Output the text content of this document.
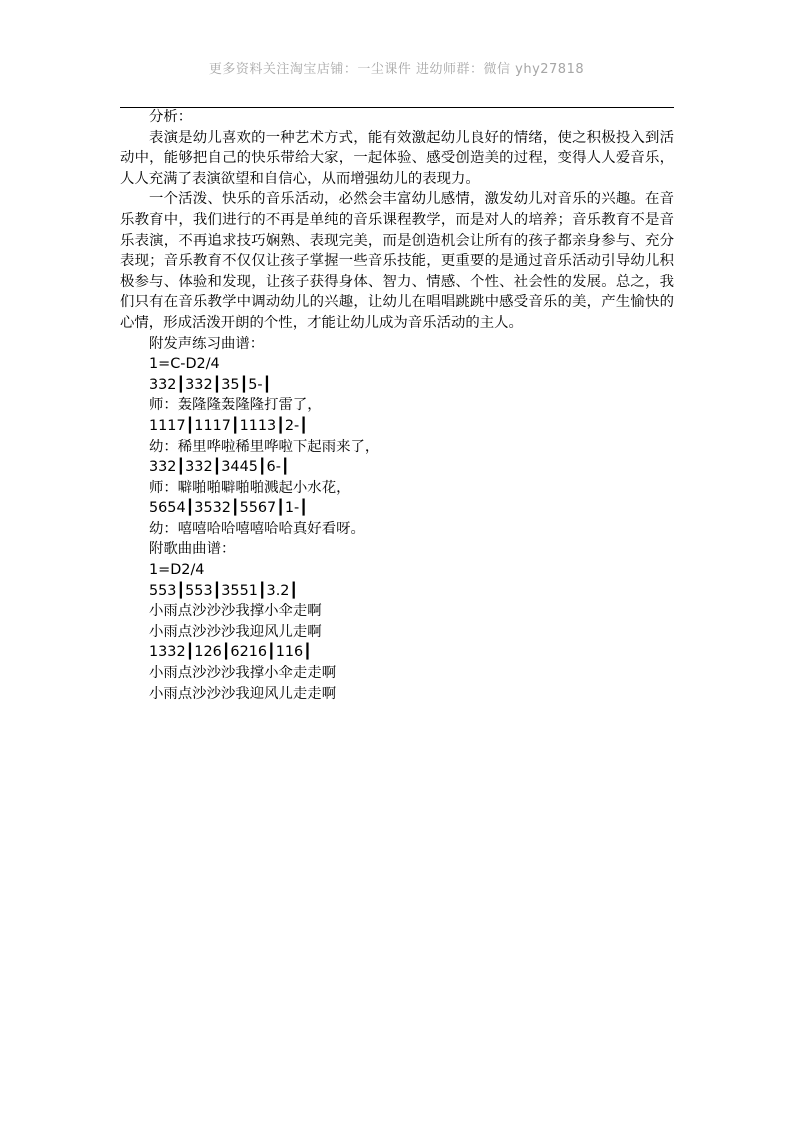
更多资料关注淘宝店铺：一尘课件 进幼师群：微信 yhy27818

分析：

表演是幼儿喜欢的一种艺术方式，能有效激起幼儿良好的情绪，使之积极投入到活动中，能够把自己的快乐带给大家，一起体验、感受创造美的过程，变得人人爱音乐，人人充满了表演欲望和自信心，从而增强幼儿的表现力。

一个活泼、快乐的音乐活动，必然会丰富幼儿感情，激发幼儿对音乐的兴趣。在音乐教育中，我们进行的不再是单纯的音乐课程教学，而是对人的培养；音乐教育不是音乐表演，不再追求技巧娴熟、表现完美，而是创造机会让所有的孩子都亲身参与、充分表现；音乐教育不仅仅让孩子掌握一些音乐技能，更重要的是通过音乐活动引导幼儿积极参与、体验和发现，让孩子获得身体、智力、情感、个性、社会性的发展。总之，我们只有在音乐教学中调动幼儿的兴趣，让幼儿在唱唱跳跳中感受音乐的美，产生愉快的心情，形成活泼开朗的个性，才能让幼儿成为音乐活动的主人。

附发声练习曲谱：

1=C-D2/4

332┃332┃35┃5-┃

师：轰隆隆轰隆隆打雷了，

1117┃1117┃1113┃2-┃

幼：稀里哗啦稀里哗啦下起雨来了，

332┃332┃3445┃6-┃

师：噼啪啪噼啪啪溅起小水花，

5654┃3532┃5567┃1-┃

幼：嘻嘻哈哈嘻嘻哈哈真好看呀。

附歌曲曲谱：

1=D2/4

553┃553┃3551┃3.2┃

小雨点沙沙沙我撑小伞走啊

小雨点沙沙沙我迎风儿走啊

1332┃126┃6216┃116┃

小雨点沙沙沙我撑小伞走走啊

小雨点沙沙沙我迎风儿走走啊
